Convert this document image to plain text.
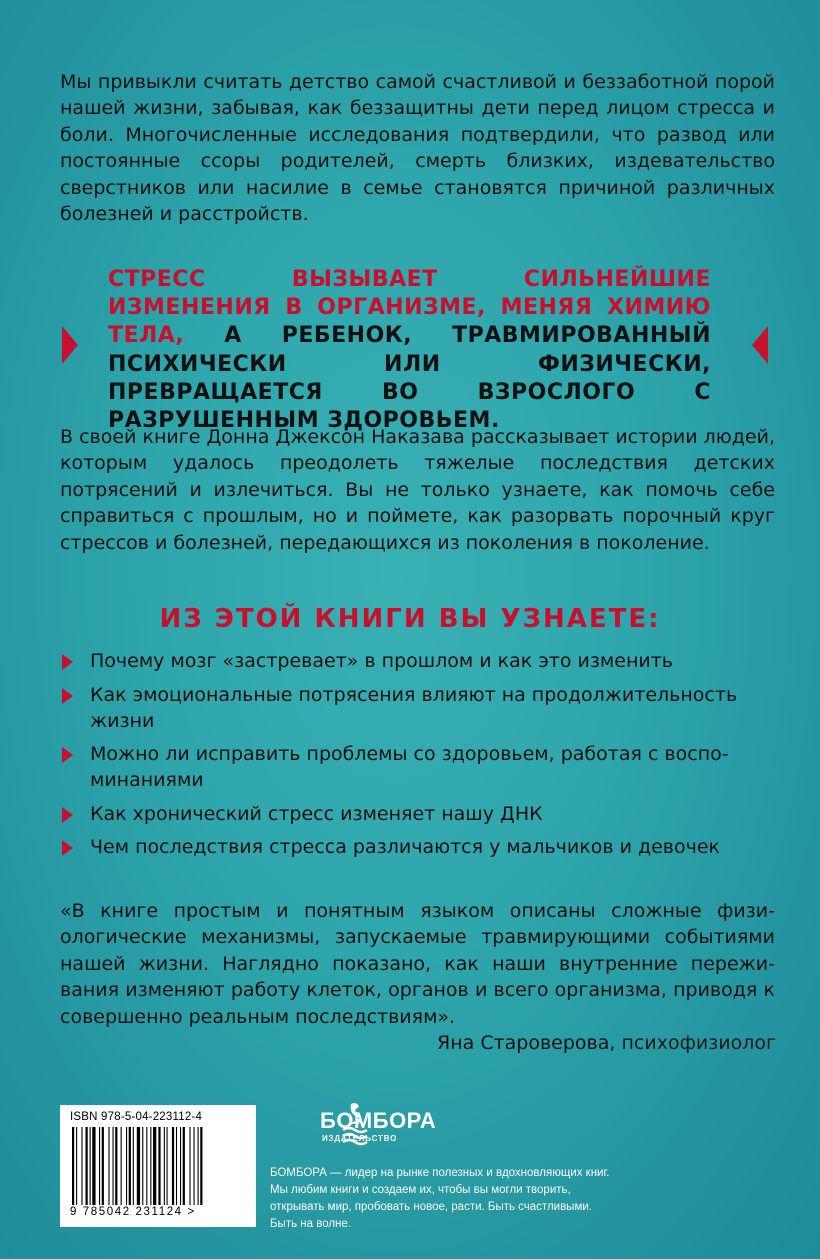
Мы привыкли считать детство самой счастливой и беззаботной порой нашей жизни, забывая, как беззащитны дети перед лицом стресса и боли. Многочисленные исследования подтвердили, что развод или постоянные ссоры родителей, смерть близких, издевательство сверстников или насилие в семье становятся причиной различных болезней и расстройств.

СТРЕСС ВЫЗЫВАЕТ СИЛЬНЕЙШИЕ ИЗМЕНЕНИЯ В ОРГАНИЗМЕ, МЕНЯЯ ХИМИЮ ТЕЛА, А РЕБЕНОК, ТРАВМИРОВАННЫЙ ПСИХИЧЕСКИ ИЛИ ФИЗИЧЕСКИ, ПРЕВРАЩАЕТСЯ ВО ВЗРОСЛОГО С РАЗРУШЕННЫМ ЗДОРОВЬЕМ.

В своей книге Донна Джексон Наказава рассказывает истории людей, которым удалось преодолеть тяжелые последствия детских потрясений и излечиться. Вы не только узнаете, как помочь себе справиться с прошлым, но и поймете, как разорвать порочный круг стрессов и болезней, передающихся из поколения в поколение.

ИЗ ЭТОЙ КНИГИ ВЫ УЗНАЕТЕ:
Почему мозг «застревает» в прошлом и как это изменить
Как эмоциональные потрясения влияют на продолжительность жизни
Можно ли исправить проблемы со здоровьем, работая с воспоминаниями
Как хронический стресс изменяет нашу ДНК
Чем последствия стресса различаются у мальчиков и девочек

«В книге простым и понятным языком описаны сложные физиологические механизмы, запускаемые травмирующими событиями нашей жизни. Наглядно показано, как наши внутренние переживания изменяют работу клеток, органов и всего организма, приводя к совершенно реальным последствиям».

Яна Староверова, психофизиолог
ISBN 978-5-04-223112-4
9 785042 231124 >
БОМБОРА
ИЗДАТЕЛЬСТВО

БОМБОРА — лидер на рынке полезных и вдохновляющих книг. Мы любим книги и создаем их, чтобы вы могли творить, открывать мир, пробовать новое, расти. Быть счастливыми. Быть на волне.
